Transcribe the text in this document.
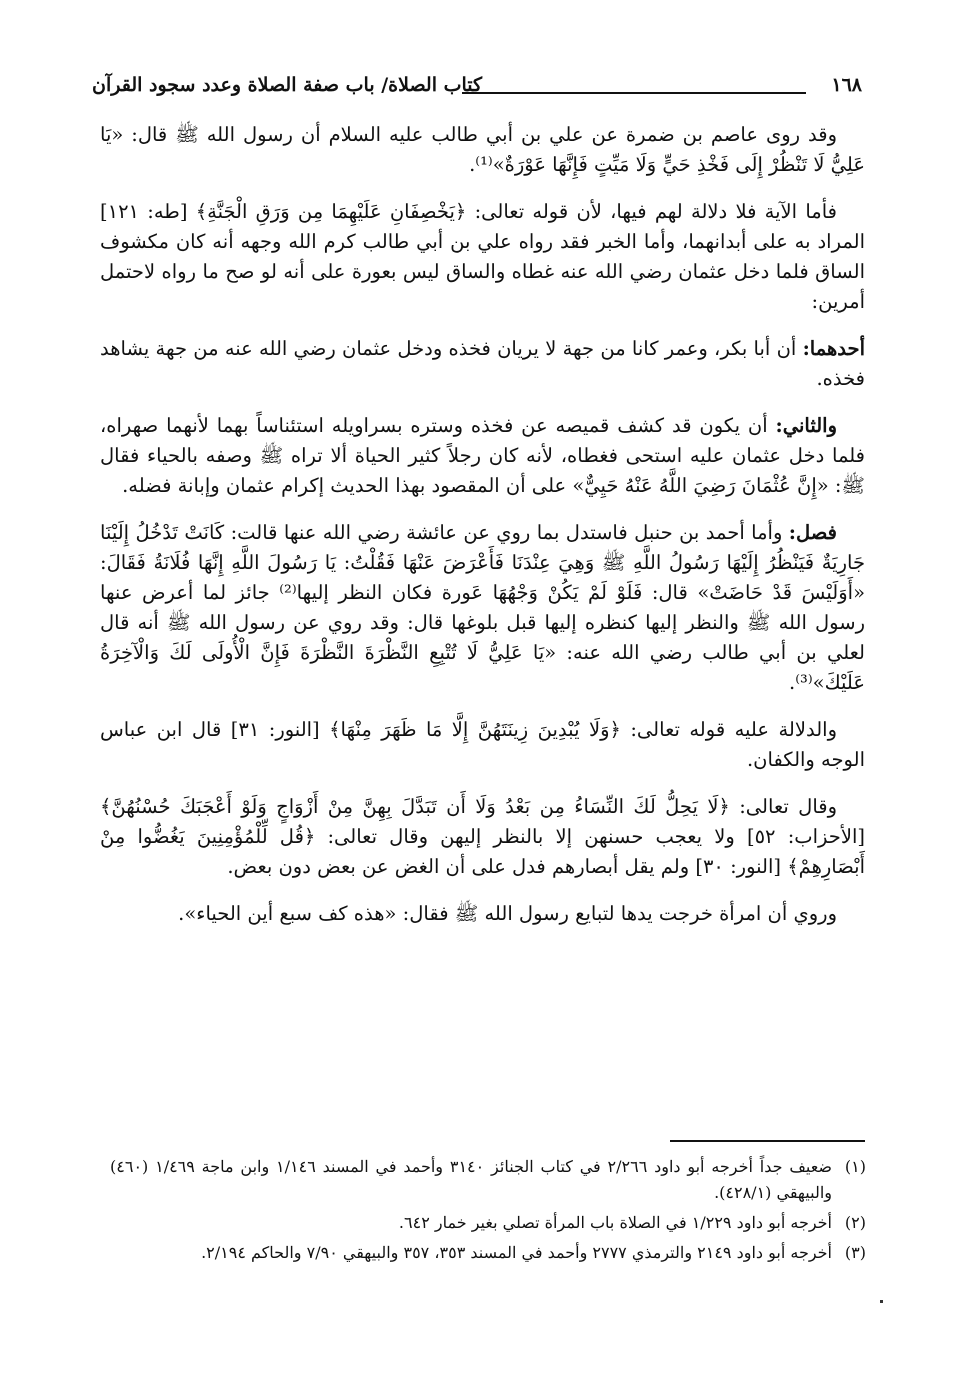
١٦٨
كتاب الصلاة/ باب صفة الصلاة وعدد سجود القرآن

وقد روى عاصم بن ضمرة عن علي بن أبي طالب عليه السلام أن رسول الله ﷺ قال: «يَا عَلِيُّ لَا تَنْظُرْ إِلَى فَخْذِ حَيٍّ وَلَا مَيِّتٍ فَإِنَّهَا عَوْرَةٌ»⁽¹⁾.

فأما الآية فلا دلالة لهم فيها، لأن قوله تعالى: ﴿يَخْصِفَانِ عَلَيْهِمَا مِن وَرَقِ الْجَنَّةِ﴾ [طه: ١٢١] المراد به على أبدانهما، وأما الخبر فقد رواه علي بن أبي طالب كرم الله وجهه أنه كان مكشوف الساق فلما دخل عثمان رضي الله عنه غطاه والساق ليس بعورة على أنه لو صح ما رواه لاحتمل أمرين:

أحدهما: أن أبا بكر، وعمر كانا من جهة لا يريان فخذه ودخل عثمان رضي الله عنه من جهة يشاهد فخذه.

والثاني: أن يكون قد كشف قميصه عن فخذه وستره بسراويله استئناساً بهما لأنهما صهراه، فلما دخل عثمان عليه استحى فغطاه، لأنه كان رجلاً كثير الحياة ألا تراه ﷺ وصفه بالحياء فقال ﷺ: «إِنَّ عُثْمَانَ رَضِيَ اللَّهُ عَنْهُ حَيِيٌّ» على أن المقصود بهذا الحديث إكرام عثمان وإبانة فضله.

فصل: وأما أحمد بن حنبل فاستدل بما روي عن عائشة رضي الله عنها قالت: كَانَتْ تَدْخُلُ إِلَيْنَا جَارِيَةٌ فَيَنْظُرُ إِلَيْهَا رَسُولُ اللَّهِ ﷺ وَهِيَ عِنْدَنَا فَأَعْرَضَ عَنْهَا فَقُلْتُ: يَا رَسُولَ اللَّهِ إِنَّهَا فُلَانَةُ فَقَالَ: «أَوَلَيْسَ قَدْ حَاضَتْ» قال: فَلَوْ لَمْ يَكُنْ وَجْهُهَا عَورة فكان النظر إليها⁽²⁾ جائز لما أعرض عنها رسول الله ﷺ والنظر إليها كنظره إليها قبل بلوغها قال: وقد روي عن رسول الله ﷺ أنه قال لعلي بن أبي طالب رضي الله عنه: «يَا عَلِيُّ لَا تُتْبِعِ النَّظْرَةَ النَّظْرَةَ فَإِنَّ الْأُولَى لَكَ وَالْآخِرَةُ عَلَيْكَ»⁽³⁾.

والدلالة عليه قوله تعالى: ﴿وَلَا يُبْدِينَ زِينَتَهُنَّ إِلَّا مَا ظَهَرَ مِنْهَا﴾ [النور: ٣١] قال ابن عباس الوجه والكفان.

وقال تعالى: ﴿لَا يَحِلُّ لَكَ النِّسَاءُ مِن بَعْدُ وَلَا أَن تَبَدَّلَ بِهِنَّ مِنْ أَزْوَاجٍ وَلَوْ أَعْجَبَكَ حُسْنُهُنَّ﴾ [الأحزاب: ٥٢] ولا يعجب حسنهن إلا بالنظر إليهن وقال تعالى: ﴿قُل لِّلْمُؤْمِنِينَ يَغُضُّوا مِنْ أَبْصَارِهِمْ﴾ [النور: ٣٠] ولم يقل أبصارهم فدل على أن الغض عن بعض دون بعض.

وروي أن امرأة خرجت يدها لتبايع رسول الله ﷺ فقال: «هذه كف سبع أين الحياء».

(١)
ضعيف جداً أخرجه أبو داود ٢/٢٦٦ في كتاب الجنائز ٣١٤٠ وأحمد في المسند ١/١٤٦ وابن ماجة ١/٤٦٩ (٤٦٠) والبيهقي (٤٢٨/١).
(٢)
أخرجه أبو داود ١/٢٢٩ في الصلاة باب المرأة تصلي بغير خمار ٦٤٢.
(٣)
أخرجه أبو داود ٢١٤٩ والترمذي ٢٧٧٧ وأحمد في المسند ٣٥٣، ٣٥٧ والبيهقي ٧/٩٠ والحاكم ٢/١٩٤.
